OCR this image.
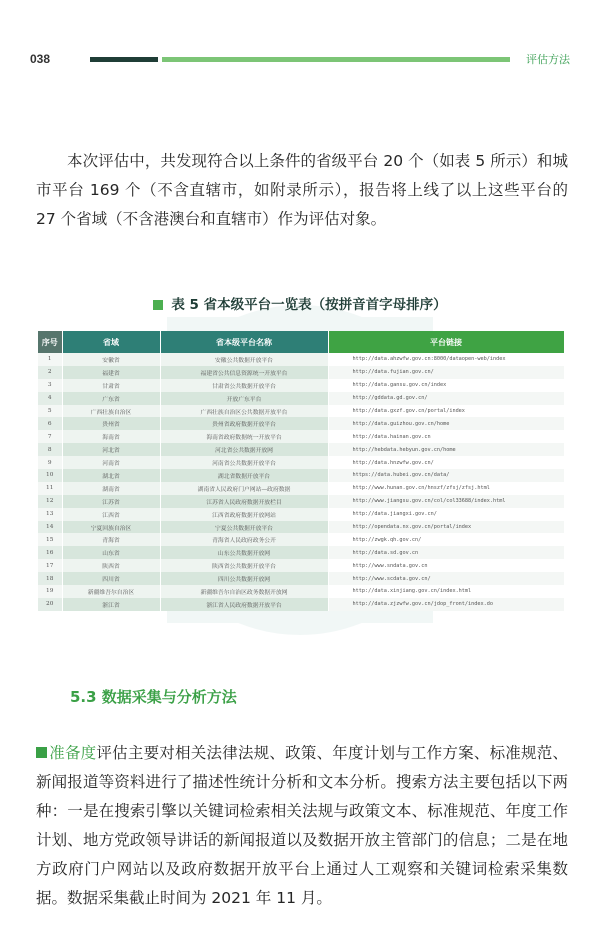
038	评估方法

本次评估中，共发现符合以上条件的省级平台 20 个（如表 5 所示）和城市平台 169 个（不含直辖市，如附录所示），报告将上线了以上这些平台的 27 个省域（不含港澳台和直辖市）作为评估对象。

表 5 省本级平台一览表（按拼音首字母排序）
序号	省域	省本级平台名称	平台链接
1	安徽省	安徽公共数据开放平台	http://data.ahzwfw.gov.cn:8000/dataopen-web/index
2	福建省	福建省公共信息资源统一开放平台	http://data.fujian.gov.cn/
3	甘肃省	甘肃省公共数据开放平台	http://data.gansu.gov.cn/index
4	广东省	开放广东平台	http://gddata.gd.gov.cn/
5	广西壮族自治区	广西壮族自治区公共数据开放平台	http://data.gxzf.gov.cn/portal/index
6	贵州省	贵州省政府数据开放平台	http://data.guizhou.gov.cn/home
7	海南省	海南省政府数据统一开放平台	http://data.hainan.gov.cn
8	河北省	河北省公共数据开放网	http://hebdata.hebyun.gov.cn/home
9	河南省	河南省公共数据开放平台	http://data.hnzwfw.gov.cn/
10	湖北省	湖北省数据开放平台	https://data.hubei.gov.cn/data/
11	湖南省	湖南省人民政府门户网站—政府数据	http://www.hunan.gov.cn/hnszf/zfsj/zfsj.html
12	江苏省	江苏省人民政府数据开放栏目	http://www.jiangsu.gov.cn/col/col33688/index.html
13	江西省	江西省政府数据开放网站	http://data.jiangxi.gov.cn/
14	宁夏回族自治区	宁夏公共数据开放平台	http://opendata.nx.gov.cn/portal/index
15	青海省	青海省人民政府政务公开	http://zwgk.qh.gov.cn/
16	山东省	山东公共数据开放网	http://data.sd.gov.cn
17	陕西省	陕西省公共数据开放平台	http://www.sndata.gov.cn
18	四川省	四川公共数据开放网	http://www.scdata.gov.cn/
19	新疆维吾尔自治区	新疆维吾尔自治区政务数据开放网	http://data.xinjiang.gov.cn/index.html
20	浙江省	浙江省人民政府数据开放平台	http://data.zjzwfw.gov.cn/jdop_front/index.do
5.3 数据采集与分析方法

准备度评估主要对相关法律法规、政策、年度计划与工作方案、标准规范、新闻报道等资料进行了描述性统计分析和文本分析。搜索方法主要包括以下两种：一是在搜索引擎以关键词检索相关法规与政策文本、标准规范、年度工作计划、地方党政领导讲话的新闻报道以及数据开放主管部门的信息；二是在地方政府门户网站以及政府数据开放平台上通过人工观察和关键词检索采集数据。数据采集截止时间为 2021 年 11 月。
